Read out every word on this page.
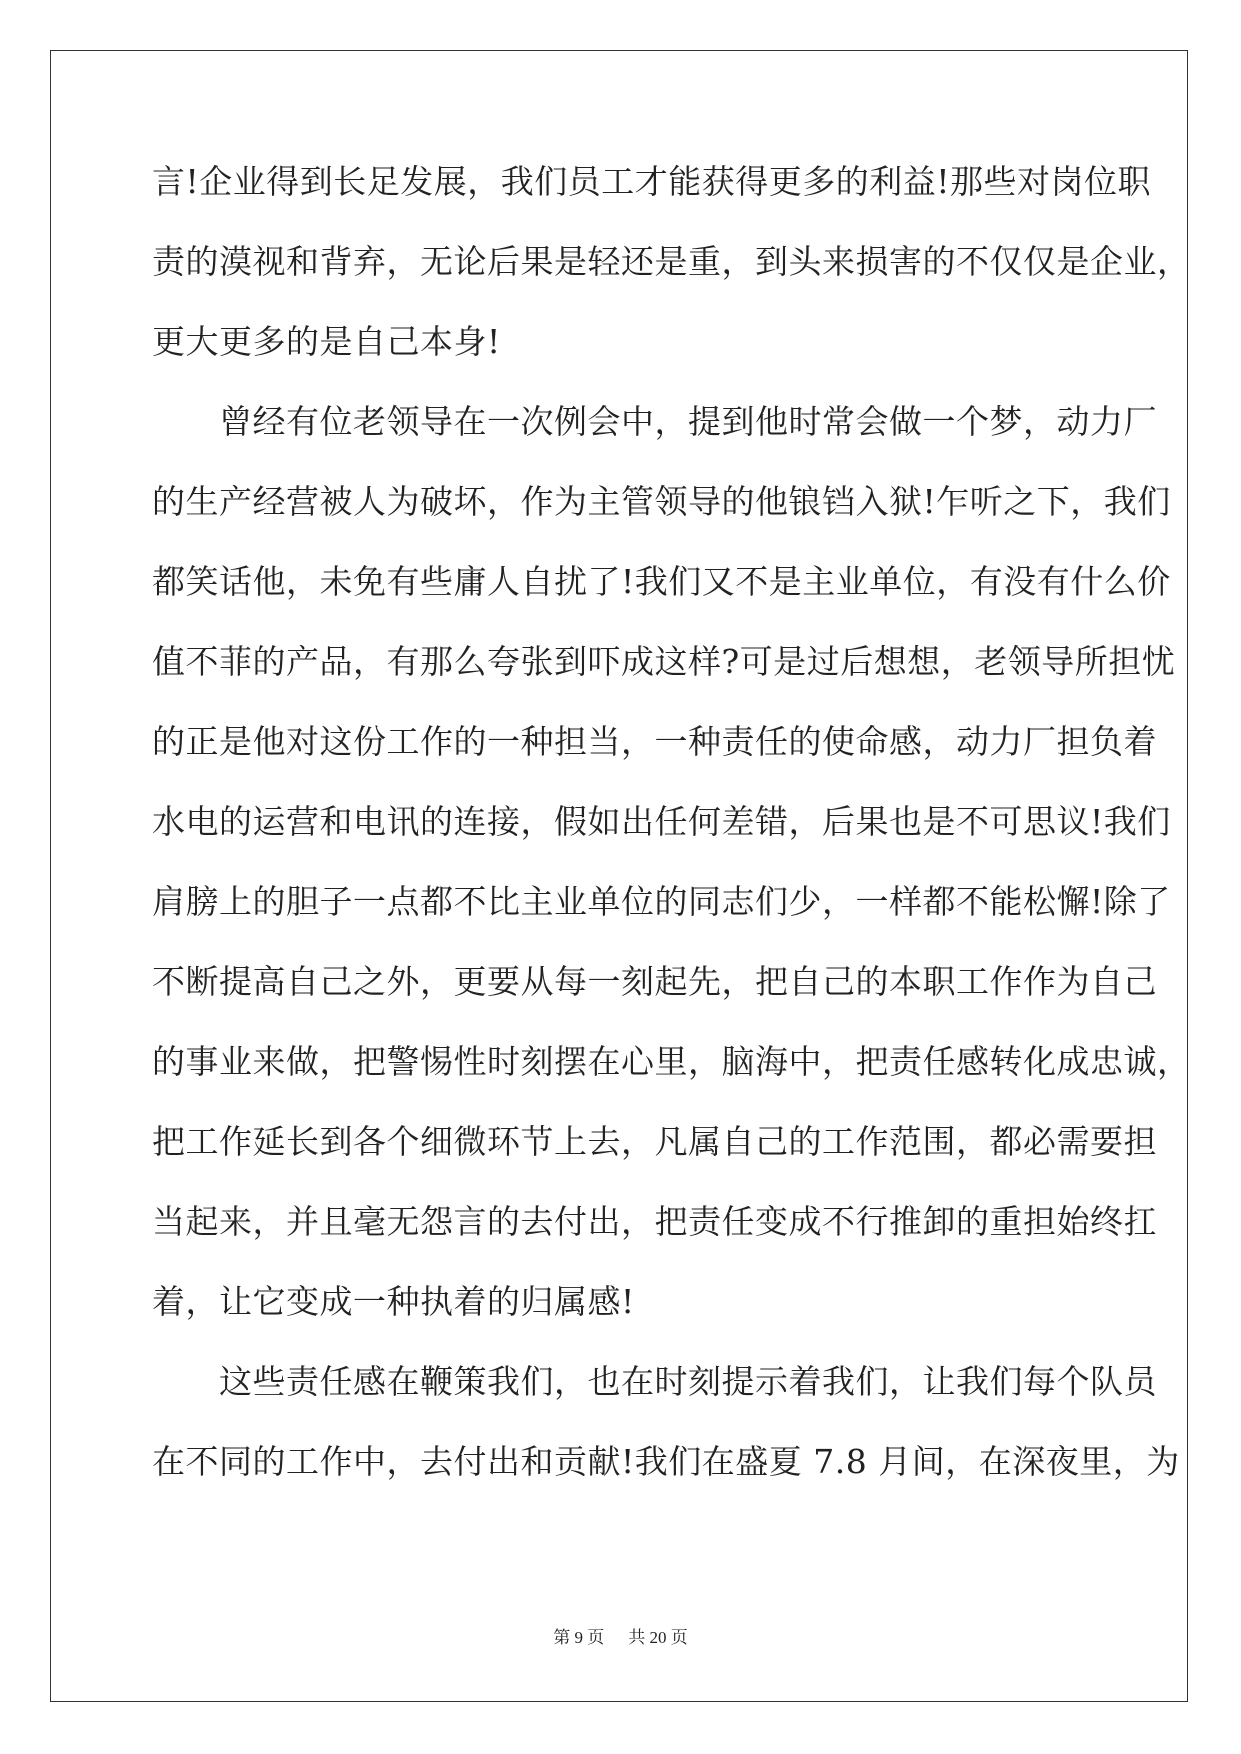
言!企业得到长足发展，我们员工才能获得更多的利益!那些对岗位职
责的漠视和背弃，无论后果是轻还是重，到头来损害的不仅仅是企业，
更大更多的是自己本身!
　　曾经有位老领导在一次例会中，提到他时常会做一个梦，动力厂
的生产经营被人为破坏，作为主管领导的他锒铛入狱!乍听之下，我们
都笑话他，未免有些庸人自扰了!我们又不是主业单位，有没有什么价
值不菲的产品，有那么夸张到吓成这样?可是过后想想，老领导所担忧
的正是他对这份工作的一种担当，一种责任的使命感，动力厂担负着
水电的运营和电讯的连接，假如出任何差错，后果也是不可思议!我们
肩膀上的胆子一点都不比主业单位的同志们少，一样都不能松懈!除了
不断提高自己之外，更要从每一刻起先，把自己的本职工作作为自己
的事业来做，把警惕性时刻摆在心里，脑海中，把责任感转化成忠诚，
把工作延长到各个细微环节上去，凡属自己的工作范围，都必需要担
当起来，并且毫无怨言的去付出，把责任变成不行推卸的重担始终扛
着，让它变成一种执着的归属感!
　　这些责任感在鞭策我们，也在时刻提示着我们，让我们每个队员
在不同的工作中，去付出和贡献!我们在盛夏 7.8 月间，在深夜里，为
第 9 页 共 20 页
